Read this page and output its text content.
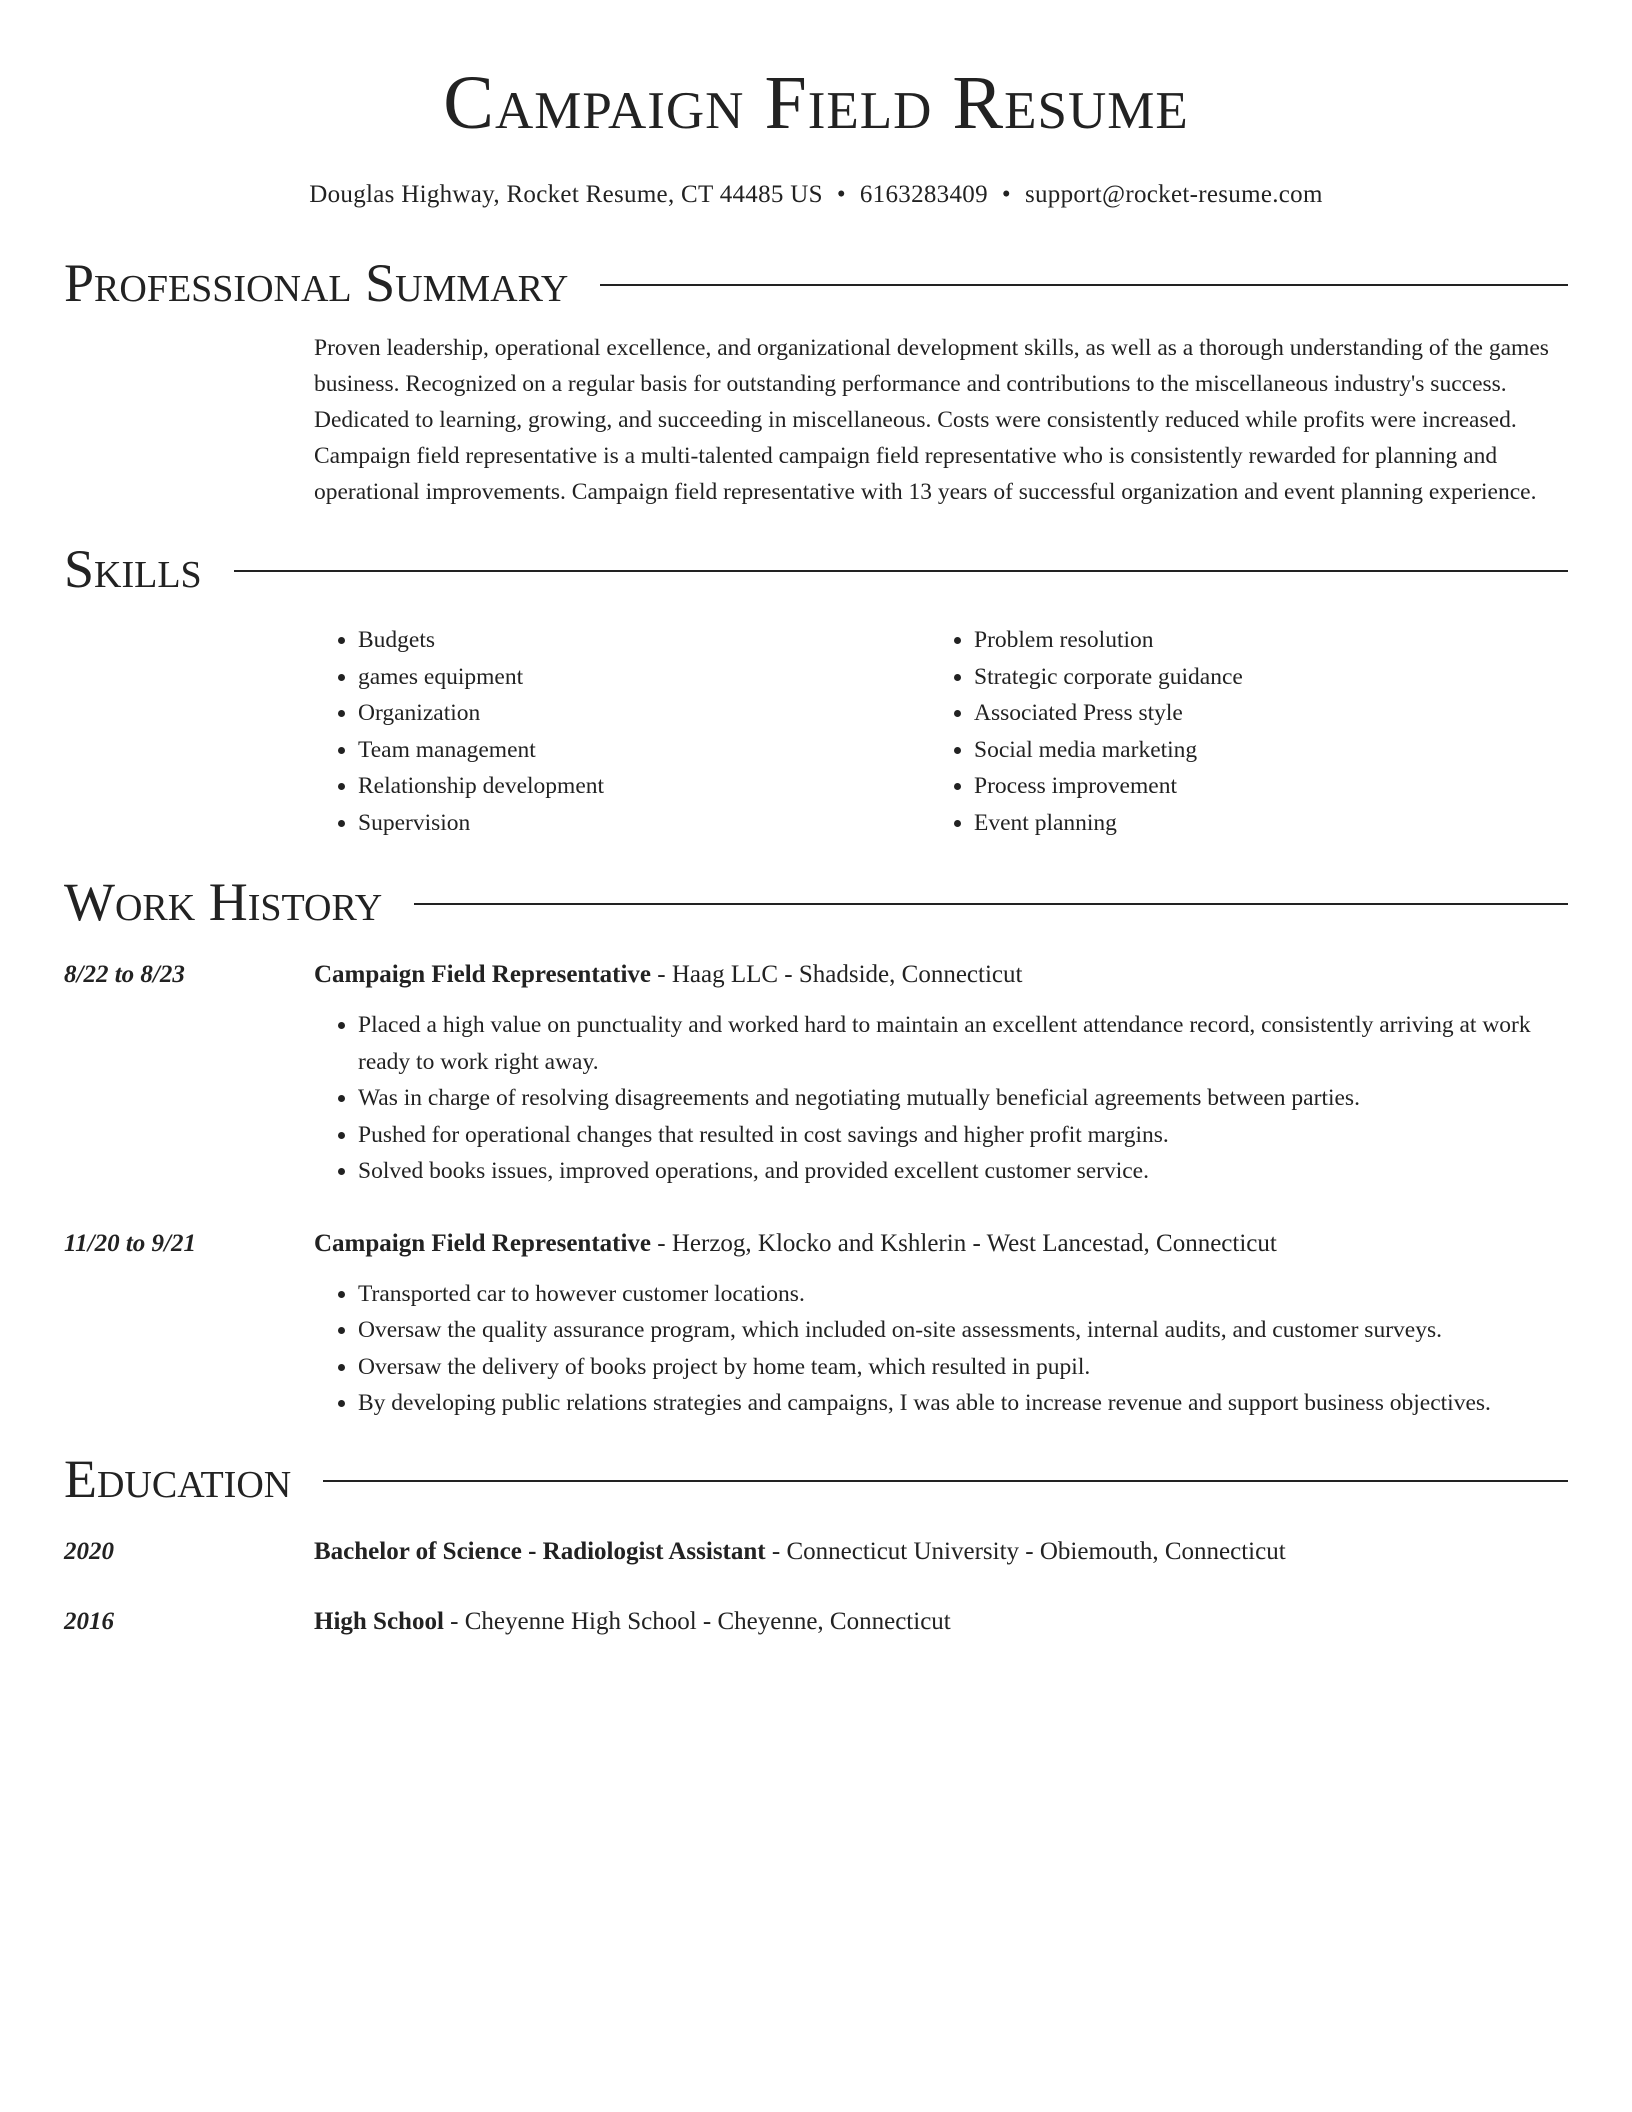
Campaign Field Resume
Douglas Highway, Rocket Resume, CT 44485 US • 6163283409 • support@rocket-resume.com
Professional Summary
Proven leadership, operational excellence, and organizational development skills, as well as a thorough understanding of the games business. Recognized on a regular basis for outstanding performance and contributions to the miscellaneous industry's success. Dedicated to learning, growing, and succeeding in miscellaneous. Costs were consistently reduced while profits were increased. Campaign field representative is a multi-talented campaign field representative who is consistently rewarded for planning and operational improvements. Campaign field representative with 13 years of successful organization and event planning experience.
Skills
• Budgets
• games equipment
• Organization
• Team management
• Relationship development
• Supervision
• Problem resolution
• Strategic corporate guidance
• Associated Press style
• Social media marketing
• Process improvement
• Event planning
Work History
8/22 to 8/23	Campaign Field Representative - Haag LLC - Shadside, Connecticut
• Placed a high value on punctuality and worked hard to maintain an excellent attendance record, consistently arriving at work ready to work right away.
• Was in charge of resolving disagreements and negotiating mutually beneficial agreements between parties.
• Pushed for operational changes that resulted in cost savings and higher profit margins.
• Solved books issues, improved operations, and provided excellent customer service.
11/20 to 9/21	Campaign Field Representative - Herzog, Klocko and Kshlerin - West Lancestad, Connecticut
• Transported car to however customer locations.
• Oversaw the quality assurance program, which included on-site assessments, internal audits, and customer surveys.
• Oversaw the delivery of books project by home team, which resulted in pupil.
• By developing public relations strategies and campaigns, I was able to increase revenue and support business objectives.
Education
2020	Bachelor of Science - Radiologist Assistant - Connecticut University - Obiemouth, Connecticut
2016	High School - Cheyenne High School - Cheyenne, Connecticut
